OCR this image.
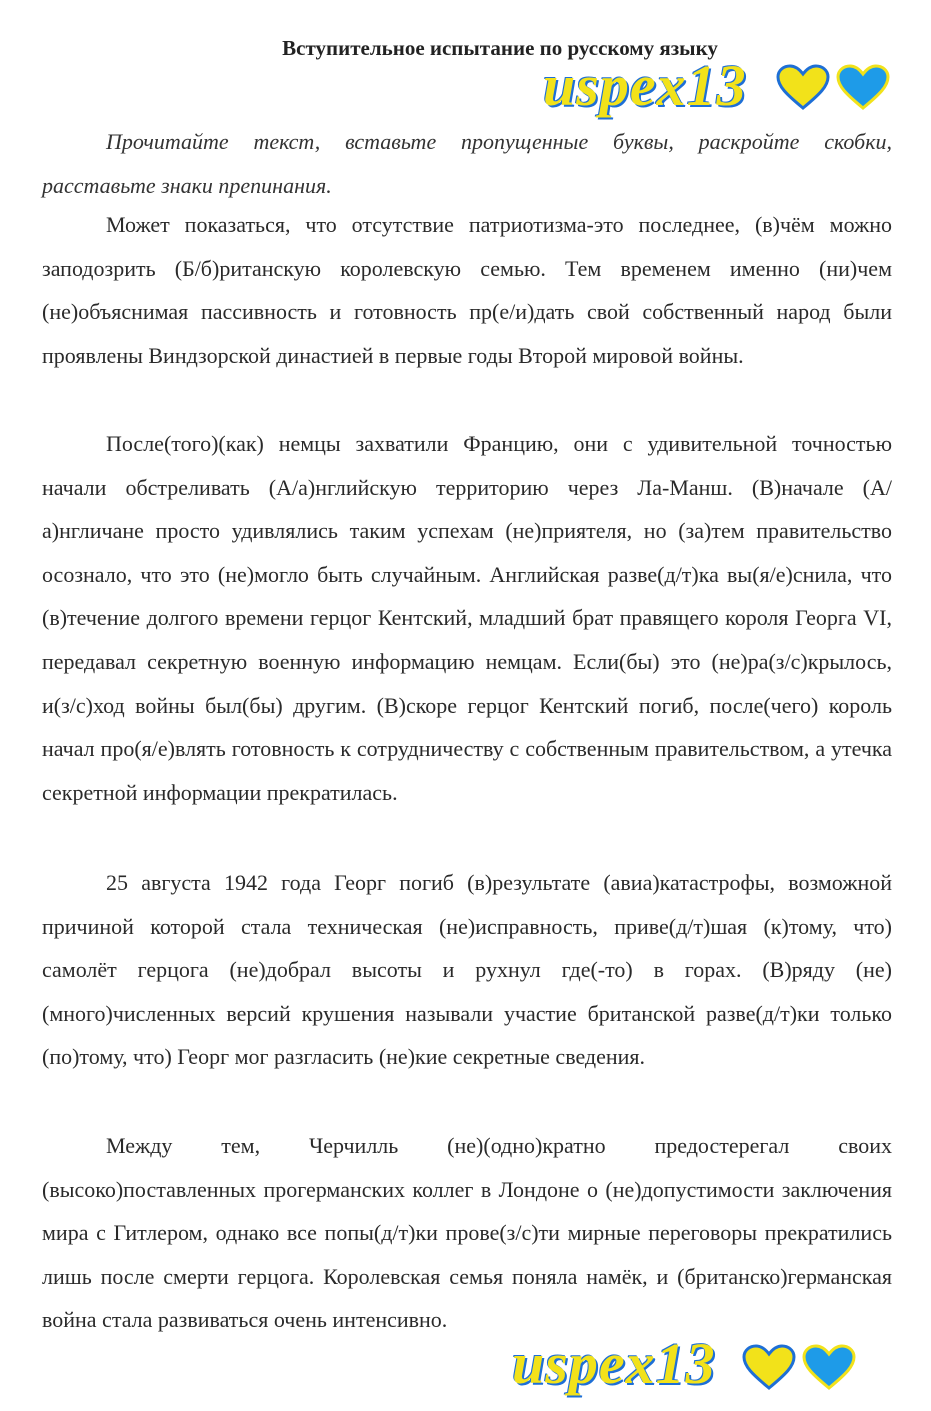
Вступительное испытание по русскому языку
uspex13
Прочитайте текст, вставьте пропущенные буквы, раскройте скобки, расставьте знаки препинания.
Может показаться, что отсутствие патриотизма-это последнее, (в)чём можно заподозрить (Б/б)ританскую королевскую семью. Тем временем именно (ни)чем (не)объяснимая пассивность и готовность пр(е/и)дать свой собственный народ были проявлены Виндзорской династией в первые годы Второй мировой войны.
После(того)(как) немцы захватили Францию, они с удивительной точностью начали обстреливать (А/а)нглийскую территорию через Ла-Манш. (В)начале (А/а)нгличане просто удивлялись таким успехам (не)приятеля, но (за)тем правительство осознало, что это (не)могло быть случайным. Английская разве(д/т)ка вы(я/е)снила, что (в)течение долгого времени герцог Кентский, младший брат правящего короля Георга VI, передавал секретную военную информацию немцам. Если(бы) это (не)ра(з/с)крылось, и(з/с)ход войны был(бы) другим. (В)скоре герцог Кентский погиб, после(чего) король начал про(я/е)влять готовность к сотрудничеству с собственным правительством, а утечка секретной информации прекратилась.
25 августа 1942 года Георг погиб (в)результате (авиа)катастрофы, возможной причиной которой стала техническая (не)исправность, приве(д/т)шая (к)тому, что) самолёт герцога (не)добрал высоты и рухнул где(-то) в горах. (В)ряду (не)(много)численных версий крушения называли участие британской разве(д/т)ки только (по)тому, что) Георг мог разгласить (не)кие секретные сведения.
Между тем, Черчилль (не)(одно)кратно предостерегал своих (высоко)поставленных прогерманских коллег в Лондоне о (не)допустимости заключения мира с Гитлером, однако все попы(д/т)ки прове(з/с)ти мирные переговоры прекратились лишь после смерти герцога. Королевская семья поняла намёк, и (британско)германская война стала развиваться очень интенсивно.
uspex13
